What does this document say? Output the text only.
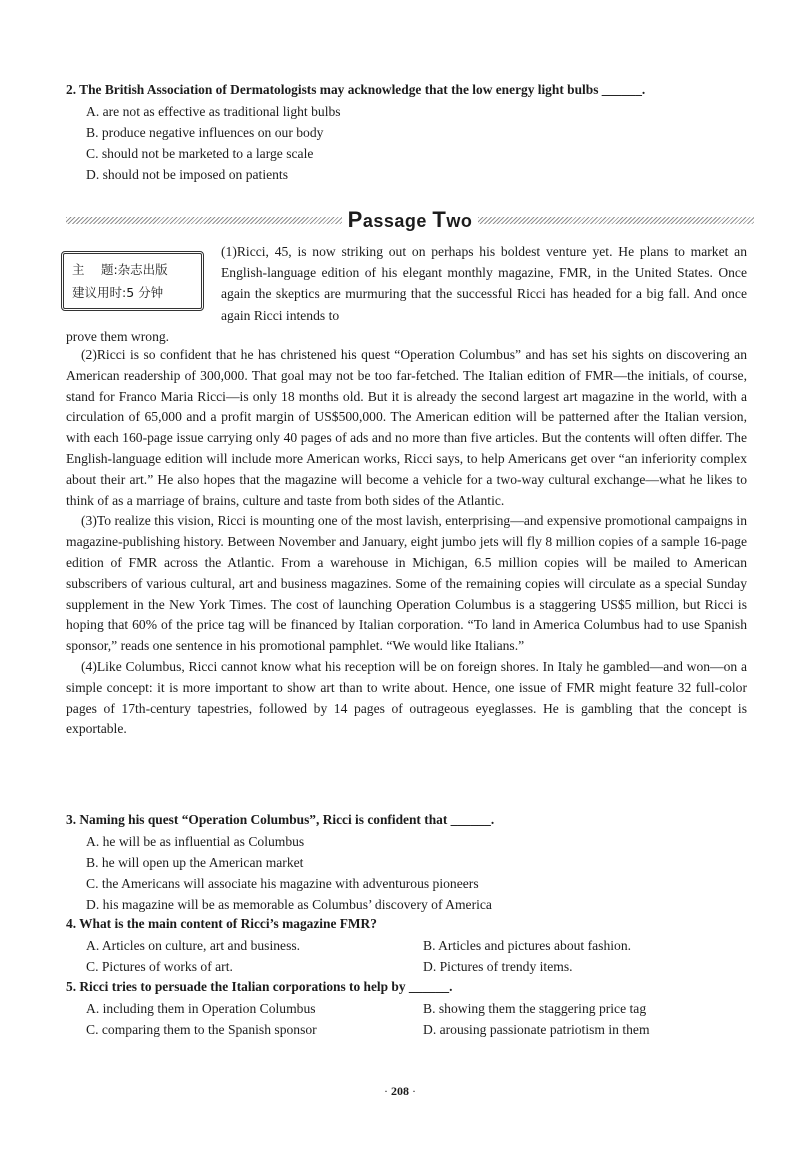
2. The British Association of Dermatologists may acknowledge that the low energy light bulbs ______.
A. are not as effective as traditional light bulbs
B. produce negative influences on our body
C. should not be marketed to a large scale
D. should not be imposed on patients
Passage Two
主　 题:杂志出版
建议用时:5 分钟
(1)Ricci, 45, is now striking out on perhaps his boldest venture yet. He plans to market an English-language edition of his elegant monthly magazine, FMR, in the United States. Once again the skeptics are murmuring that the successful Ricci has headed for a big fall. And once again Ricci intends to
prove them wrong.

(2)Ricci is so confident that he has christened his quest “Operation Columbus” and has set his sights on discovering an American readership of 300,000. That goal may not be too far-fetched. The Italian edition of FMR—the initials, of course, stand for Franco Maria Ricci—is only 18 months old. But it is already the second largest art magazine in the world, with a circulation of 65,000 and a profit margin of US$500,000. The American edition will be patterned after the Italian version, with each 160-page issue carrying only 40 pages of ads and no more than five articles. But the contents will often differ. The English-language edition will include more American works, Ricci says, to help Americans get over “an inferiority complex about their art.” He also hopes that the magazine will become a vehicle for a two-way cultural exchange—what he likes to think of as a marriage of brains, culture and taste from both sides of the Atlantic.

(3)To realize this vision, Ricci is mounting one of the most lavish, enterprising—and expensive promotional campaigns in magazine-publishing history. Between November and January, eight jumbo jets will fly 8 million copies of a sample 16-page edition of FMR across the Atlantic. From a warehouse in Michigan, 6.5 million copies will be mailed to American subscribers of various cultural, art and business magazines. Some of the remaining copies will circulate as a special Sunday supplement in the New York Times. The cost of launching Operation Columbus is a staggering US$5 million, but Ricci is hoping that 60% of the price tag will be financed by Italian corporation. “To land in America Columbus had to use Spanish sponsor,” reads one sentence in his promotional pamphlet. “We would like Italians.”

(4)Like Columbus, Ricci cannot know what his reception will be on foreign shores. In Italy he gambled—and won—on a simple concept: it is more important to show art than to write about. Hence, one issue of FMR might feature 32 full-color pages of 17th-century tapestries, followed by 14 pages of outrageous eyeglasses. He is gambling that the concept is exportable.

3. Naming his quest “Operation Columbus”, Ricci is confident that ______.
A. he will be as influential as Columbus
B. he will open up the American market
C. the Americans will associate his magazine with adventurous pioneers
D. his magazine will be as memorable as Columbus’ discovery of America
4. What is the main content of Ricci’s magazine FMR?
A. Articles on culture, art and business.	B. Articles and pictures about fashion.
C. Pictures of works of art.	D. Pictures of trendy items.
5. Ricci tries to persuade the Italian corporations to help by ______.
A. including them in Operation Columbus	B. showing them the staggering price tag
C. comparing them to the Spanish sponsor	D. arousing passionate patriotism in them
· 208 ·
